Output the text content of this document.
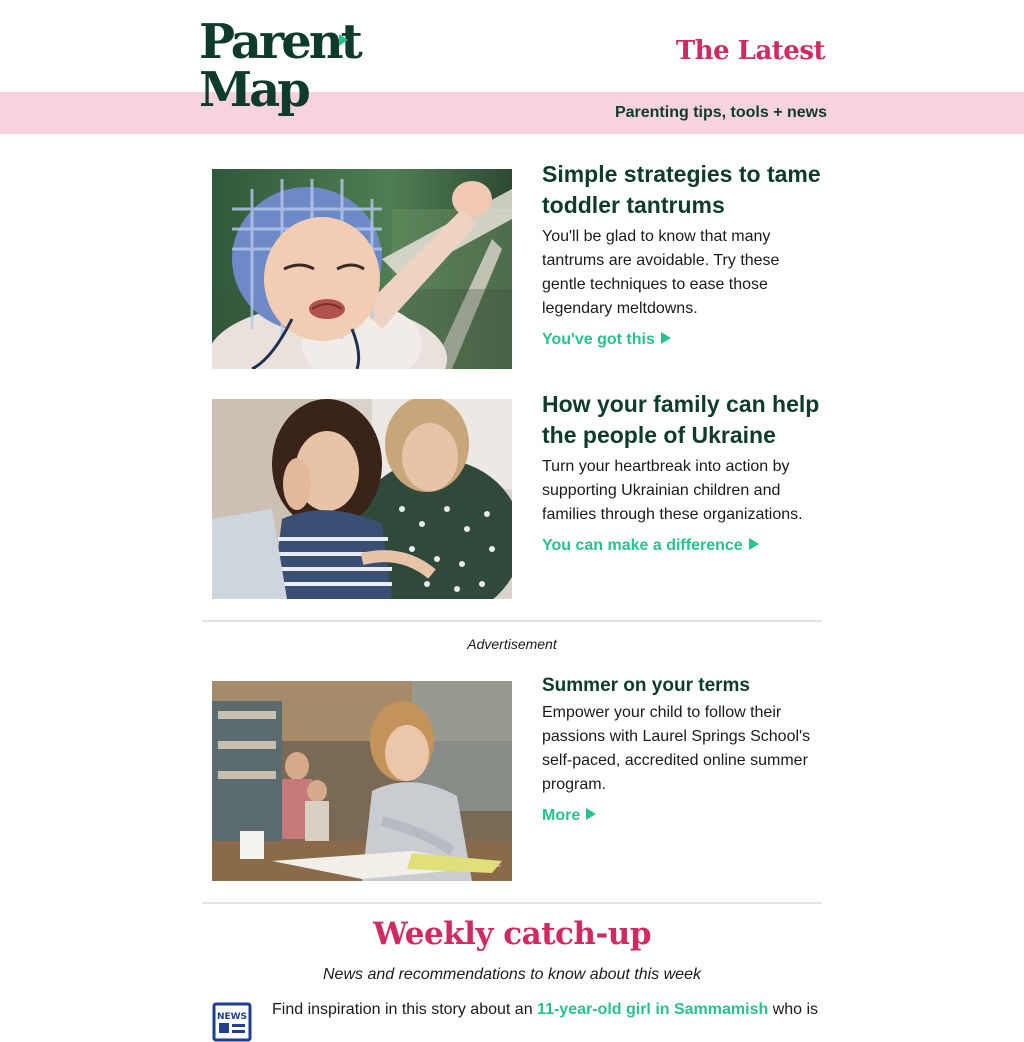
Parent
Map
The Latest
Parenting tips, tools + news
Simple strategies to tame toddler tantrums

You'll be glad to know that many tantrums are avoidable. Try these gentle techniques to ease those legendary meltdowns.

You've got this
How your family can help the people of Ukraine

Turn your heartbreak into action by supporting Ukrainian children and families through these organizations.

You can make a difference
Advertisement
Summer on your terms

Empower your child to follow their passions with Laurel Springs School's self-paced, accredited online summer program.

More
Weekly catch-up
News and recommendations to know about this week
NEWS Find inspiration in this story about an 11-year-old girl in Sammamish who is
